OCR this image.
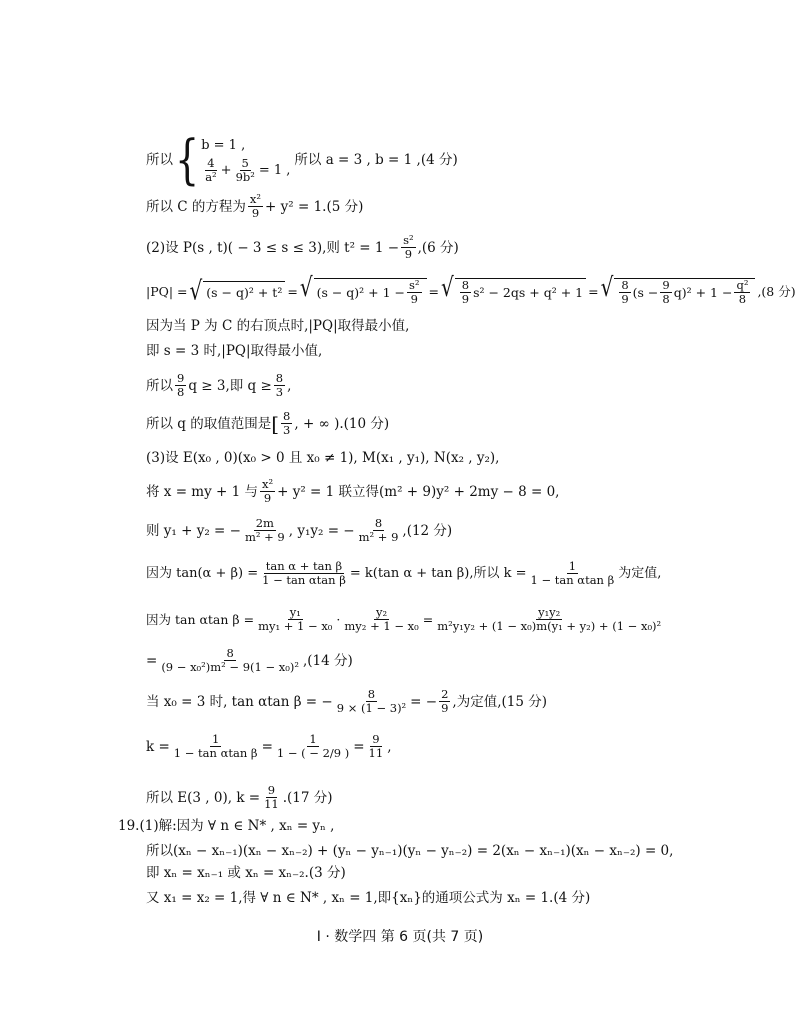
所以 { b = 1 ,
$\frac{4}{\text{a²}} + \frac{5}{\text{9b²}} = 1$ ,
所以 a = 3 , b = 1 ,(4 分)
所以 C 的方程为 $\frac{\text{x²}}{9} + y^2 = 1.(5$ 分)
(2)设 P(s , t)( − 3 ≤ s ≤ 3),则 $t^2 = 1 - \frac{\text{s²}}{9} ,(6$ 分)
|PQ| = √ (s − q)² + t² = √ $(s - q)^2 + 1 - \frac{\text{s²}}{9}$ = √ $\frac{8}{9} s^2 - 2qs + q^2 + 1$ = √ $\frac{8}{9} (s - \frac{9}{8} q)^2 + 1 - \frac{\text{q²}}{8} ,(8$ 分)
因为当 P 为 C 的右顶点时,|PQ|取得最小值,
即 s = 3 时,|PQ|取得最小值,
所以 $\frac{9}{8}$ q ≥ 3,即 $q \ge \frac{8}{3}$ ,
所以 q 的取值范围是 [ $\frac{8}{3}$ , + ∞ ).(10 分)
(3)设 E(x₀ , 0)(x₀ > 0 且 x₀ ≠ 1), M(x₁ , y₁), N(x₂ , y₂),
将 x = my + 1 与 $\frac{\text{x²}}{9} + y^2 = 1$ 联立得(m² + 9)y² + 2my − 8 = 0,
则 y₁ + y₂ = − $\frac{2m}{\text{m² + 9}}$ , y₁y₂ = − $\frac{8}{\text{m² + 9}} ,(12$ 分)
因为 $\tan(\alpha + \beta) = \frac{\text{tan α + tan β}}{\text{1 − tan αtan β}} = k(\tan$ α + tan β),所以 $k = \frac{1}{\text{1 − tan αtan β}}$ 为定值,
因为 tan αtan $\beta = \frac{\text{y₁}}{\text{my₁ + 1 − x₀}} \cdot \frac{\text{y₂}}{\text{my₂ + 1 − x₀}} = \frac{\text{y₁y₂}}{\text{m²y₁y₂ + (1 − x₀)m(y₁ + y₂) + (1 − x₀)²}}$
= $\frac{8}{\text{(9 − x₀²)m² − 9(1 − x₀)²}} ,(14$ 分)
当 x₀ = 3 时, tan αtan β = − $\frac{8}{\text{9 × (1 − 3)²}}$ = − $\frac{2}{9}$ ,为定值,(15 分)
$k = \frac{1}{\text{1 − tan αtan β}} = \frac{1}{1 - ( - 2/9 )} = \frac{9}{11}$ ,
所以 E(3 , 0), $k = \frac{9}{11} .(17$ 分)
19.(1)解:因为 ∀ n ∈ N* , xₙ = yₙ ,
所以(xₙ − xₙ₋₁)(xₙ − xₙ₋₂) + (yₙ − yₙ₋₁)(yₙ − yₙ₋₂) = 2(xₙ − xₙ₋₁)(xₙ − xₙ₋₂) = 0,
即 xₙ = xₙ₋₁ 或 xₙ = xₙ₋₂.(3 分)
又 x₁ = x₂ = 1,得 ∀ n ∈ N* , xₙ = 1,即{xₙ}的通项公式为 xₙ = 1.(4 分)
Ⅰ · 数学四 第 6 页(共 7 页)
